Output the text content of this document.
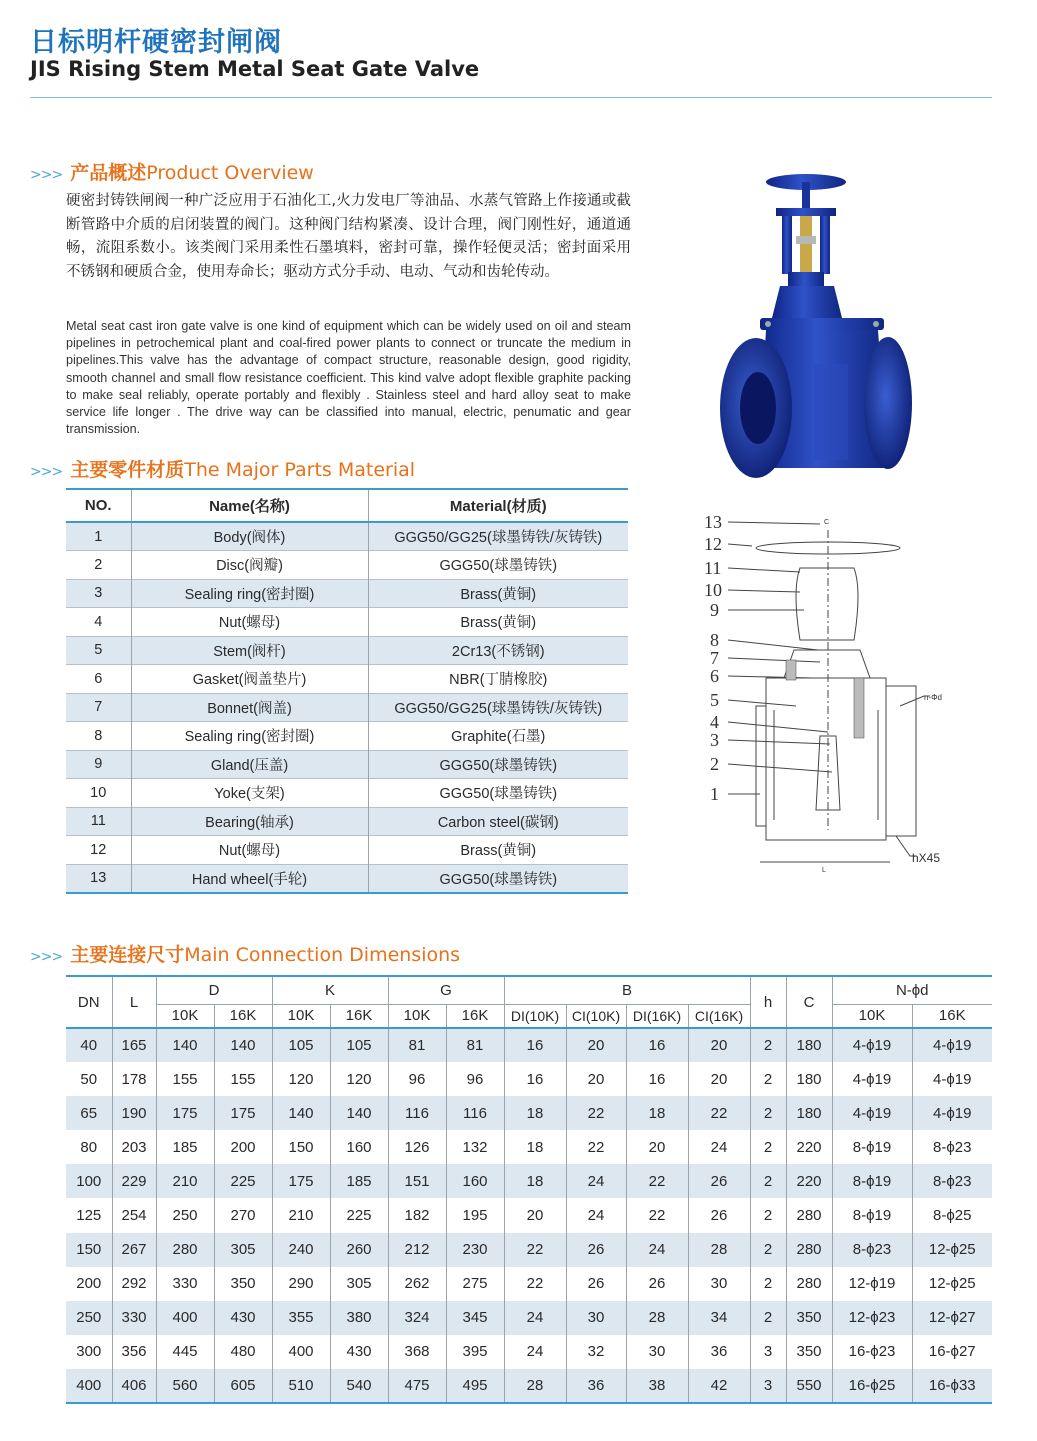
日标明杆硬密封闸阀
JIS Rising Stem Metal Seat Gate Valve
>>> 产品概述Product Overview
硬密封铸铁闸阀一种广泛应用于石油化工,火力发电厂等油品、水蒸气管路上作接通或截断管路中介质的启闭装置的阀门。这种阀门结构紧凑、设计合理，阀门刚性好，通道通畅，流阻系数小。该类阀门采用柔性石墨填料，密封可靠，操作轻便灵活；密封面采用不锈钢和硬质合金，使用寿命长；驱动方式分手动、电动、气动和齿轮传动。
Metal seat cast iron gate valve is one kind of equipment which can be widely used on oil and steam pipelines in petrochemical plant and coal-fired power plants to connect or truncate the medium in pipelines.This valve has the advantage of compact structure, reasonable design, good rigidity, smooth channel and small flow resistance coefficient. This kind valve adopt flexible graphite packing to make seal reliably, operate portably and flexibly . Stainless steel and hard alloy seat to make service life longer . The drive way can be classified into manual, electric, penumatic and gear transmission.
>>> 主要零件材质The Major Parts Material
NO.	Name(名称)	Material(材质)
1	Body(阀体)	GGG50/GG25(球墨铸铁/灰铸铁)
2	Disc(阀瓣)	GGG50(球墨铸铁)
3	Sealing ring(密封圈)	Brass(黄铜)
4	Nut(螺母)	Brass(黄铜)
5	Stem(阀杆)	2Cr13(不锈钢)
6	Gasket(阀盖垫片)	NBR(丁腈橡胶)
7	Bonnet(阀盖)	GGG50/GG25(球墨铸铁/灰铸铁)
8	Sealing ring(密封圈)	Graphite(石墨)
9	Gland(压盖)	GGG50(球墨铸铁)
10	Yoke(支架)	GGG50(球墨铸铁)
11	Bearing(轴承)	Carbon steel(碳钢)
12	Nut(螺母)	Brass(黄铜)
13	Hand wheel(手轮)	GGG50(球墨铸铁)
13
12
11
10
9
8
7
6
5
4
3
2
1
n-Φd
hX45
L
C
>>> 主要连接尺寸Main Connection Dimensions
DN	L	D		K		G		B				h	C	N-ϕd	
		10K	16K	10K	16K	10K	16K	DI(10K)	CI(10K)	DI(16K)	CI(16K)			10K	16K
40	165	140	140	105	105	81	81	16	20	16	20	2	180	4-ϕ19	4-ϕ19
50	178	155	155	120	120	96	96	16	20	16	20	2	180	4-ϕ19	4-ϕ19
65	190	175	175	140	140	116	116	18	22	18	22	2	180	4-ϕ19	4-ϕ19
80	203	185	200	150	160	126	132	18	22	20	24	2	220	8-ϕ19	8-ϕ23
100	229	210	225	175	185	151	160	18	24	22	26	2	220	8-ϕ19	8-ϕ23
125	254	250	270	210	225	182	195	20	24	22	26	2	280	8-ϕ19	8-ϕ25
150	267	280	305	240	260	212	230	22	26	24	28	2	280	8-ϕ23	12-ϕ25
200	292	330	350	290	305	262	275	22	26	26	30	2	280	12-ϕ19	12-ϕ25
250	330	400	430	355	380	324	345	24	30	28	34	2	350	12-ϕ23	12-ϕ27
300	356	445	480	400	430	368	395	24	32	30	36	3	350	16-ϕ23	16-ϕ27
400	406	560	605	510	540	475	495	28	36	38	42	3	550	16-ϕ25	16-ϕ33
